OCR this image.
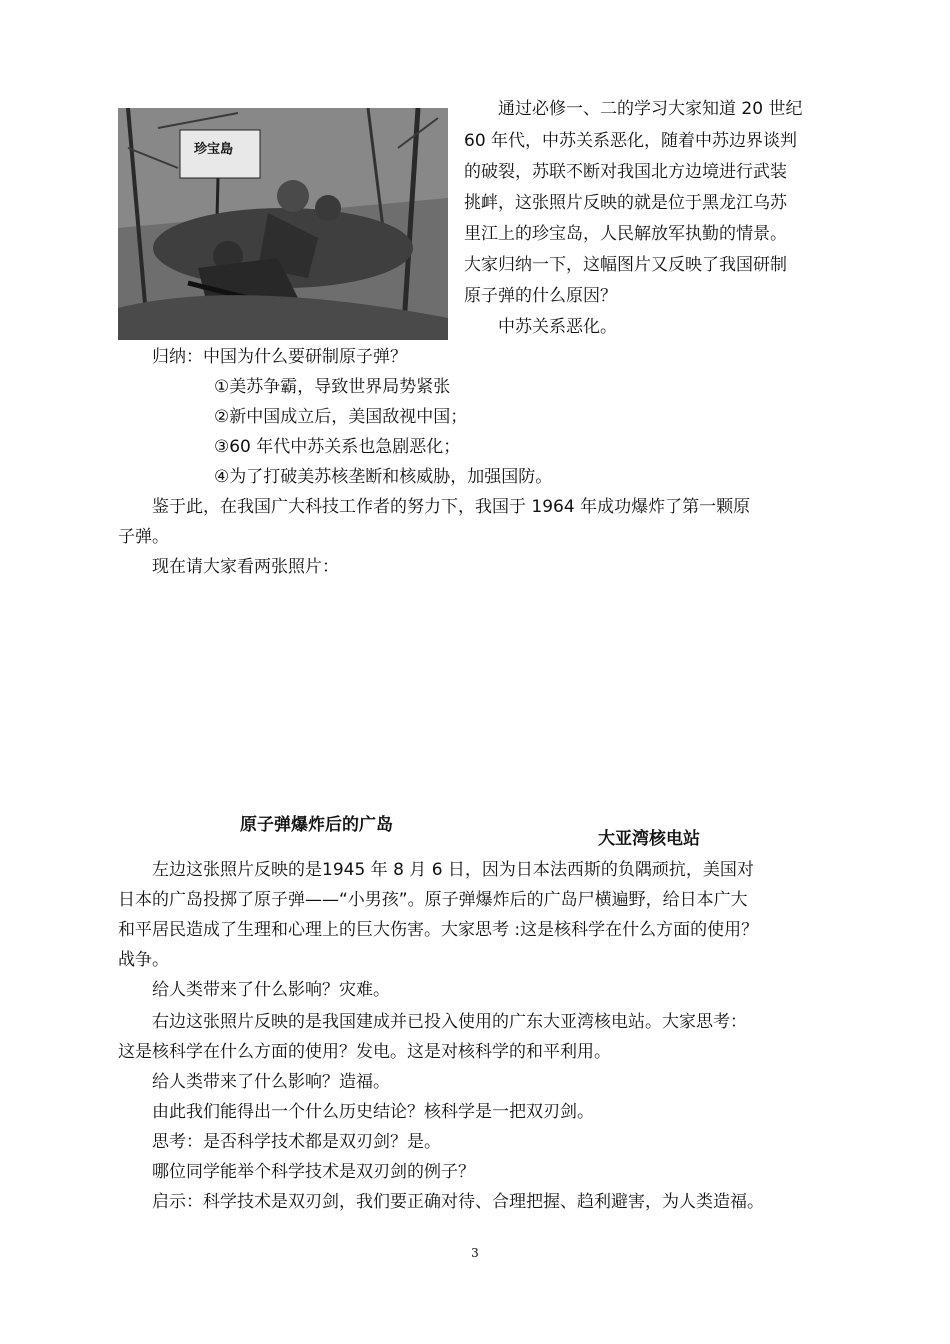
珍宝島
通过必修一、二的学习大家知道 20 世纪
60 年代，中苏关系恶化，随着中苏边界谈判
的破裂，苏联不断对我国北方边境进行武装
挑衅，这张照片反映的就是位于黑龙江乌苏
里江上的珍宝岛，人民解放军执勤的情景。
大家归纳一下，这幅图片又反映了我国研制
原子弹的什么原因？
中苏关系恶化。
归纳：中国为什么要研制原子弹？
①美苏争霸，导致世界局势紧张
②新中国成立后，美国敌视中国；
③60 年代中苏关系也急剧恶化；
④为了打破美苏核垄断和核威胁，加强国防。
鉴于此，在我国广大科技工作者的努力下，我国于 1964 年成功爆炸了第一颗原
子弹。
现在请大家看两张照片：
原子弹爆炸后的广岛
大亚湾核电站
左边这张照片反映的是1945 年 8 月 6 日，因为日本法西斯的负隅顽抗，美国对
日本的广岛投掷了原子弹——“小男孩”。原子弹爆炸后的广岛尸横遍野，给日本广大
和平居民造成了生理和心理上的巨大伤害。大家思考 :这是核科学在什么方面的使用？
战争。
给人类带来了什么影响？灾难。
右边这张照片反映的是我国建成并已投入使用的广东大亚湾核电站。大家思考：
这是核科学在什么方面的使用？发电。这是对核科学的和平利用。
给人类带来了什么影响？造福。
由此我们能得出一个什么历史结论？核科学是一把双刃剑。
思考：是否科学技术都是双刃剑？是。
哪位同学能举个科学技术是双刃剑的例子？
启示：科学技术是双刃剑，我们要正确对待、合理把握、趋利避害，为人类造福。
3
